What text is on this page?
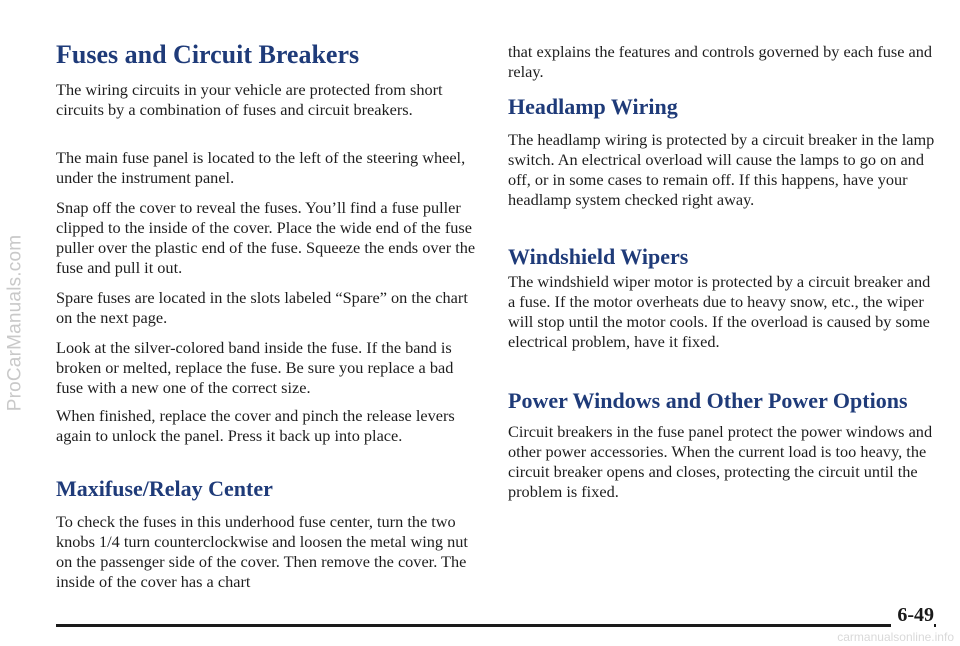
ProCarManuals.com
Fuses and Circuit Breakers

The wiring circuits in your vehicle are protected from short circuits by a combination of fuses and circuit breakers.

The main fuse panel is located to the left of the steering wheel, under the instrument panel.

Snap off the cover to reveal the fuses. You’ll find a fuse puller clipped to the inside of the cover. Place the wide end of the fuse puller over the plastic end of the fuse. Squeeze the ends over the fuse and pull it out.

Spare fuses are located in the slots labeled “Spare” on the chart on the next page.

Look at the silver-colored band inside the fuse. If the band is broken or melted, replace the fuse. Be sure you replace a bad fuse with a new one of the correct size.

When finished, replace the cover and pinch the release levers again to unlock the panel. Press it back up into place.

Maxifuse/Relay Center

To check the fuses in this underhood fuse center, turn the two knobs 1/4 turn counterclockwise and loosen the metal wing nut on the passenger side of the cover. Then remove the cover. The inside of the cover has a chart

that explains the features and controls governed by each fuse and relay.

Headlamp Wiring

The headlamp wiring is protected by a circuit breaker in the lamp switch. An electrical overload will cause the lamps to go on and off, or in some cases to remain off. If this happens, have your headlamp system checked right away.

Windshield Wipers

The windshield wiper motor is protected by a circuit breaker and a fuse. If the motor overheats due to heavy snow, etc., the wiper will stop until the motor cools. If the overload is caused by some electrical problem, have it fixed.

Power Windows and Other Power Options

Circuit breakers in the fuse panel protect the power windows and other power accessories. When the current load is too heavy, the circuit breaker opens and closes, protecting the circuit until the problem is fixed.

6-49
carmanualsonline.info
